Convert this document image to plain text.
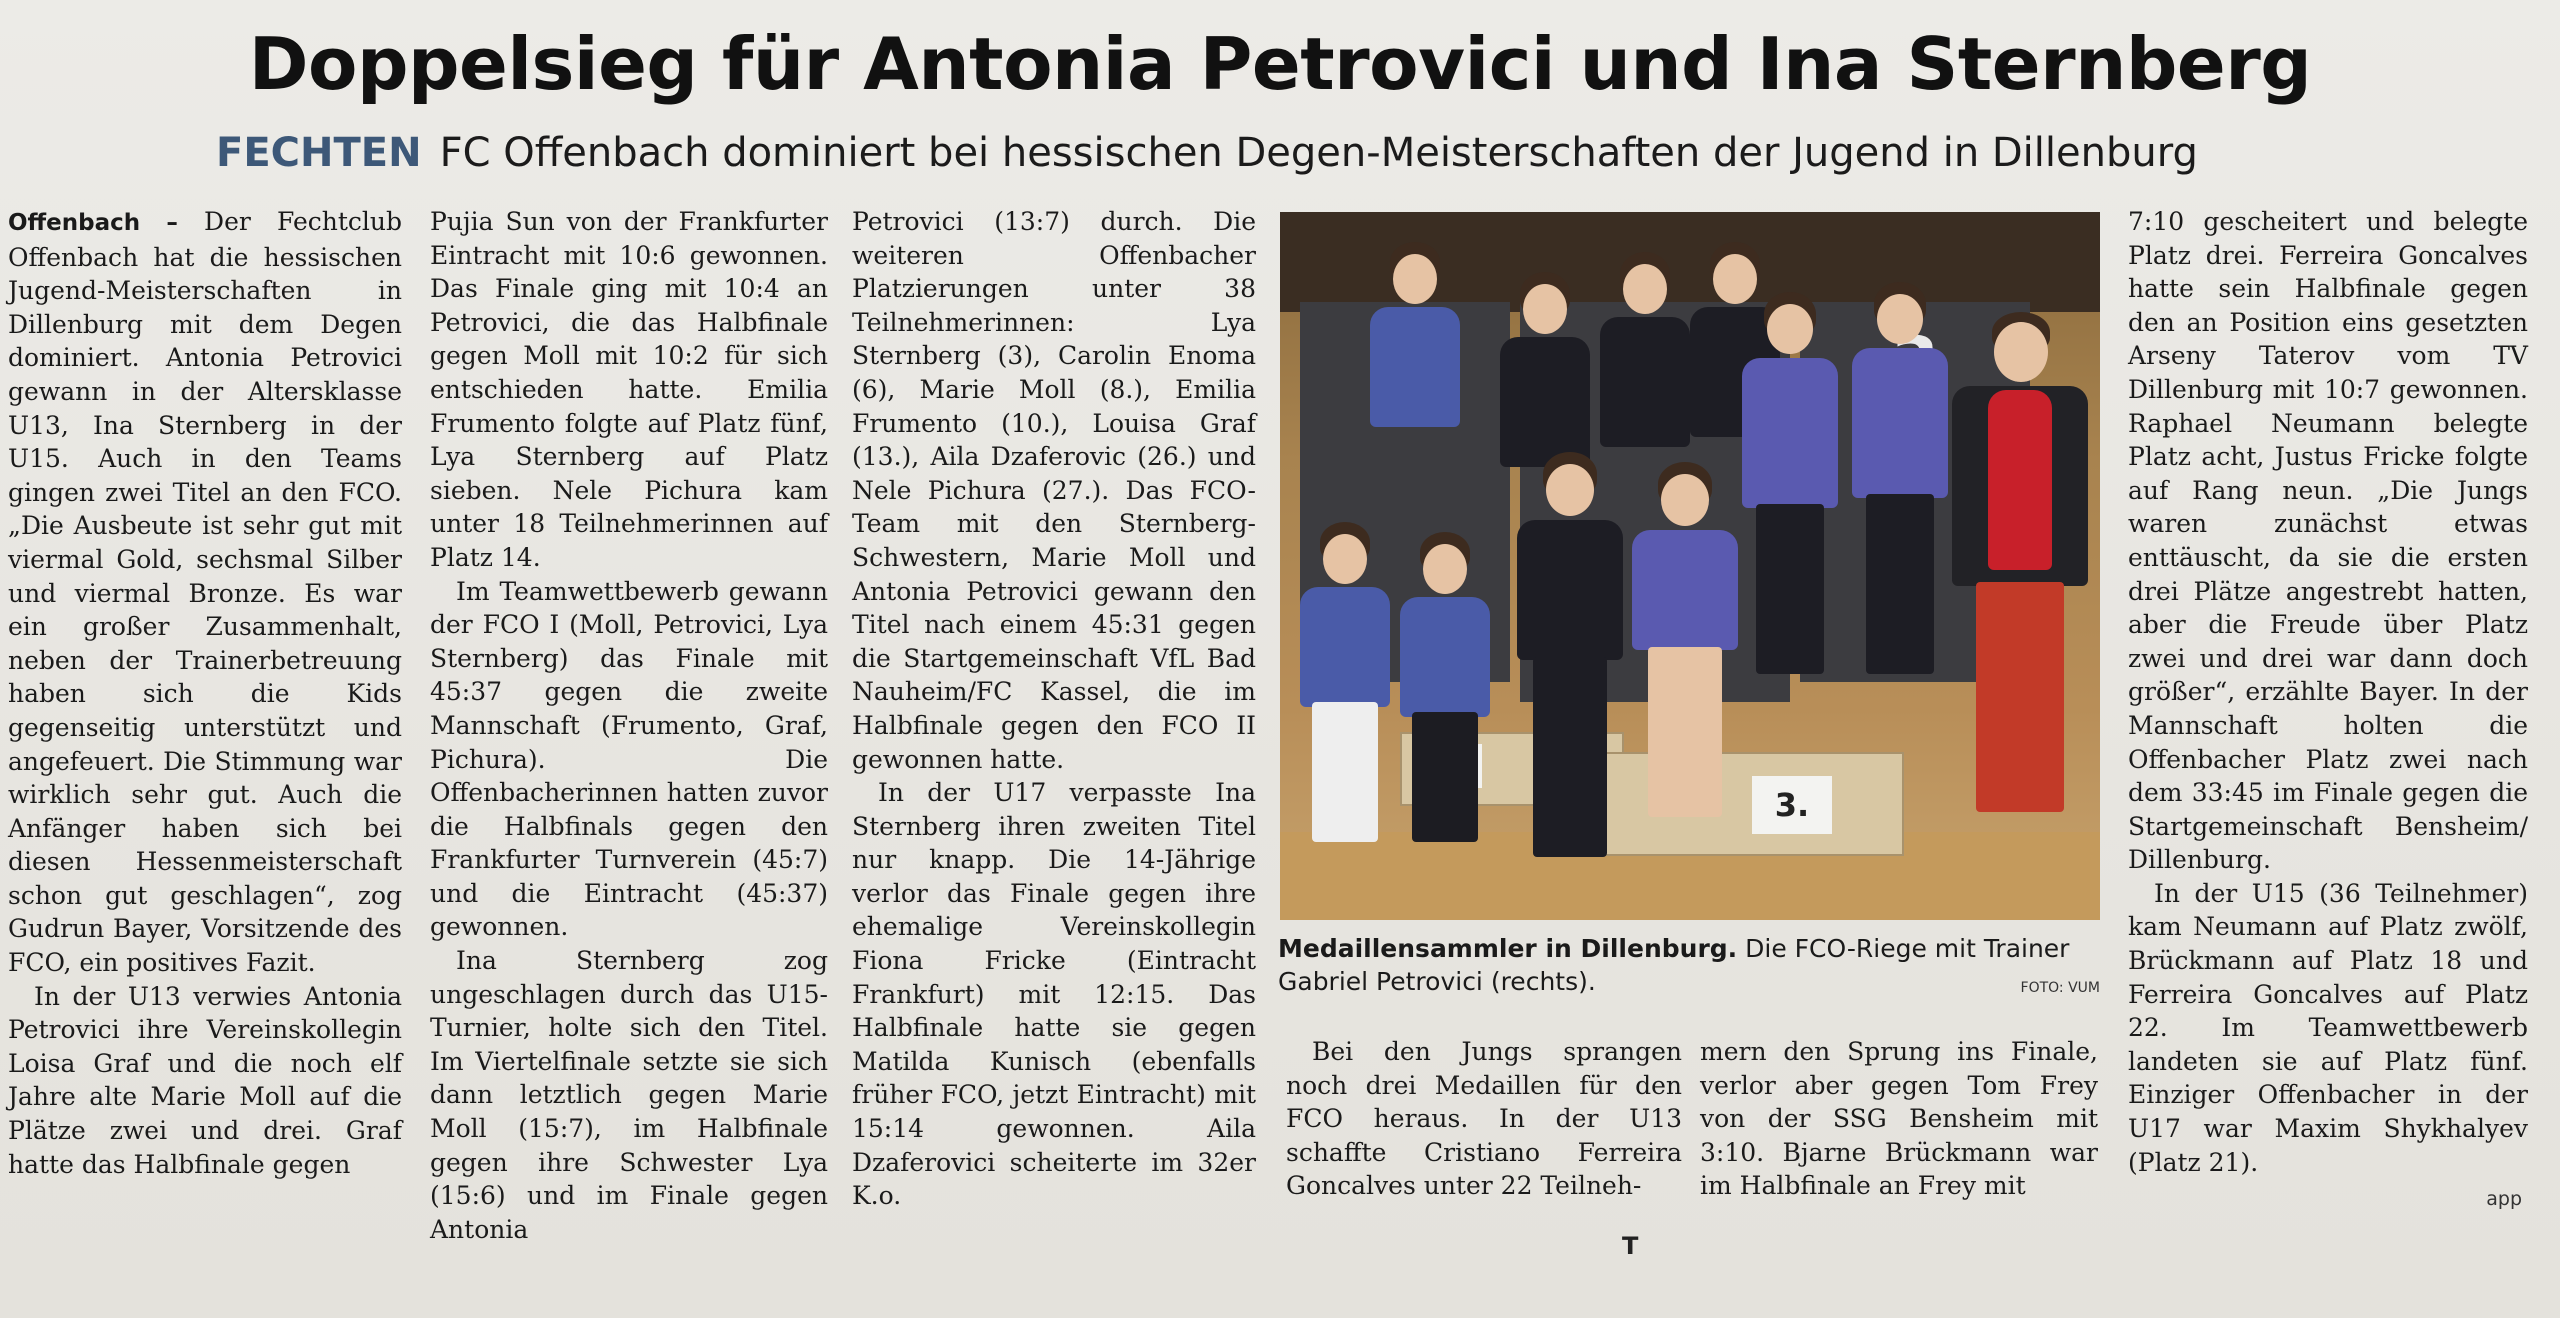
Doppelsieg für Antonia Petrovici und Ina Sternberg
FECHTEN FC Offenbach dominiert bei hessischen Degen-Meisterschaften der Jugend in Dillenburg

Offenbach – Der Fechtclub Offenbach hat die hessischen Jugend-Meisterschaften in Dillenburg mit dem Degen dominiert. Antonia Petrovici gewann in der Altersklasse U13, Ina Sternberg in der U15. Auch in den Teams gingen zwei Titel an den FCO. „Die Ausbeute ist sehr gut mit viermal Gold, sechsmal Silber und viermal Bronze. Es war ein großer Zusammenhalt, neben der Trainerbetreuung haben sich die Kids gegenseitig unterstützt und angefeuert. Die Stimmung war wirklich sehr gut. Auch die Anfänger haben sich bei diesen Hessenmeisterschaft schon gut geschlagen“, zog Gudrun Bayer, Vorsitzende des FCO, ein positives Fazit.

In der U13 verwies Antonia Petrovici ihre Vereinskollegin Loisa Graf und die noch elf Jahre alte Marie Moll auf die Plätze zwei und drei. Graf hatte das Halbfinale gegen

Pujia Sun von der Frankfurter Eintracht mit 10:6 gewonnen. Das Finale ging mit 10:4 an Petrovici, die das Halbfinale gegen Moll mit 10:2 für sich entschieden hatte. Emilia Frumento folgte auf Platz fünf, Lya Sternberg auf Platz sieben. Nele Pichura kam unter 18 Teilnehmerinnen auf Platz 14.

Im Teamwettbewerb gewann der FCO I (Moll, Petrovici, Lya Sternberg) das Finale mit 45:37 gegen die zweite Mannschaft (Frumento, Graf, Pichura). Die Offenbacherinnen hatten zuvor die Halbfinals gegen den Frankfurter Turnverein (45:7) und die Eintracht (45:37) gewonnen.

Ina Sternberg zog ungeschlagen durch das U15-Turnier, holte sich den Titel. Im Viertelfinale setzte sie sich dann letztlich gegen Marie Moll (15:7), im Halbfinale gegen ihre Schwester Lya (15:6) und im Finale gegen Antonia

Petrovici (13:7) durch. Die weiteren Offenbacher Platzierungen unter 38 Teilnehmerinnen: Lya Sternberg (3), Carolin Enoma (6), Marie Moll (8.), Emilia Frumento (10.), Louisa Graf (13.), Aila Dzaferovic (26.) und Nele Pichura (27.). Das FCO-Team mit den Sternberg-Schwestern, Marie Moll und Antonia Petrovici gewann den Titel nach einem 45:31 gegen die Startgemeinschaft VfL Bad Nauheim/FC Kassel, die im Halbfinale gegen den FCO II gewonnen hatte.

In der U17 verpasste Ina Sternberg ihren zweiten Titel nur knapp. Die 14-Jährige verlor das Finale gegen ihre ehemalige Vereinskollegin Fiona Fricke (Eintracht Frankfurt) mit 12:15. Das Halbfinale hatte sie gegen Matilda Kunisch (ebenfalls früher FCO, jetzt Eintracht) mit 15:14 gewonnen. Aila Dzaferovici scheiterte im 32er K.o.

3.
Medaillensammler in Dillenburg. Die FCO-Riege mit Trainer Gabriel Petrovici (rechts).	FOTO: VUM

Bei den Jungs sprangen noch drei Medaillen für den FCO heraus. In der U13 schaffte Cristiano Ferreira Goncalves unter 22 Teilneh-

mern den Sprung ins Finale, verlor aber gegen Tom Frey von der SSG Bensheim mit 3:10. Bjarne Brückmann war im Halbfinale an Frey mit

7:10 gescheitert und belegte Platz drei. Ferreira Goncalves hatte sein Halbfinale gegen den an Position eins gesetzten Arseny Taterov vom TV Dillenburg mit 10:7 gewonnen. Raphael Neumann belegte Platz acht, Justus Fricke folgte auf Rang neun. „Die Jungs waren zunächst etwas enttäuscht, da sie die ersten drei Plätze angestrebt hatten, aber die Freude über Platz zwei und drei war dann doch größer“, erzählte Bayer. In der Mannschaft holten die Offenbacher Platz zwei nach dem 33:45 im Finale gegen die Startgemeinschaft Bensheim/ Dillenburg.

In der U15 (36 Teilnehmer) kam Neumann auf Platz zwölf, Brückmann auf Platz 18 und Ferreira Goncalves auf Platz 22. Im Teamwettbewerb landeten sie auf Platz fünf. Einziger Offenbacher in der U17 war Maxim Shykhalyev (Platz 21).

app
T
